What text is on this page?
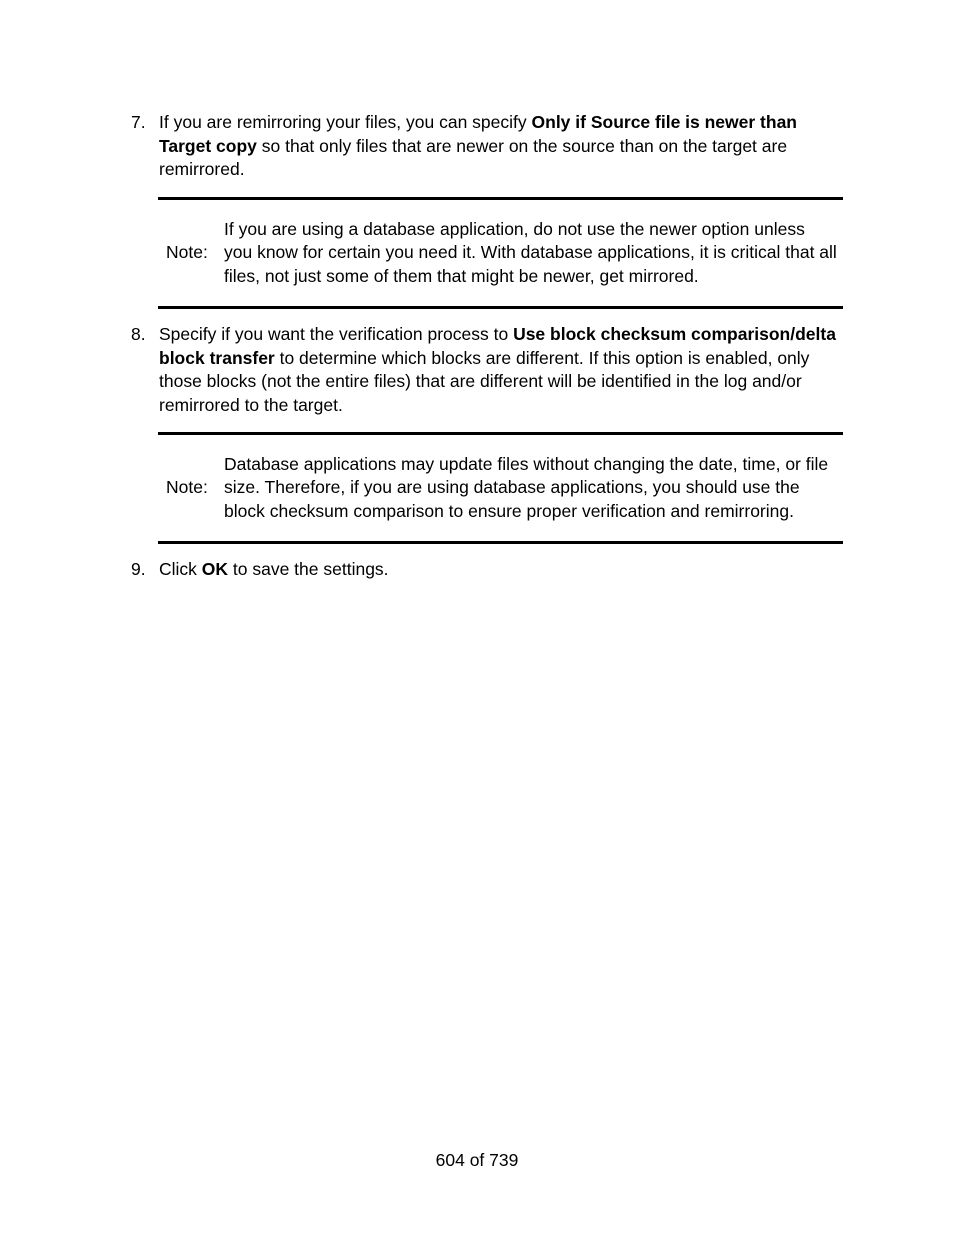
7. If you are remirroring your files, you can specify Only if Source file is newer than Target copy so that only files that are newer on the source than on the target are remirrored.
Note:
If you are using a database application, do not use the newer option unless you know for certain you need it. With database applications, it is critical that all files, not just some of them that might be newer, get mirrored.
8. Specify if you want the verification process to Use block checksum comparison/delta block transfer to determine which blocks are different. If this option is enabled, only those blocks (not the entire files) that are different will be identified in the log and/or remirrored to the target.
Note:
Database applications may update files without changing the date, time, or file size. Therefore, if you are using database applications, you should use the block checksum comparison to ensure proper verification and remirroring.
9. Click OK to save the settings.
604 of 739
